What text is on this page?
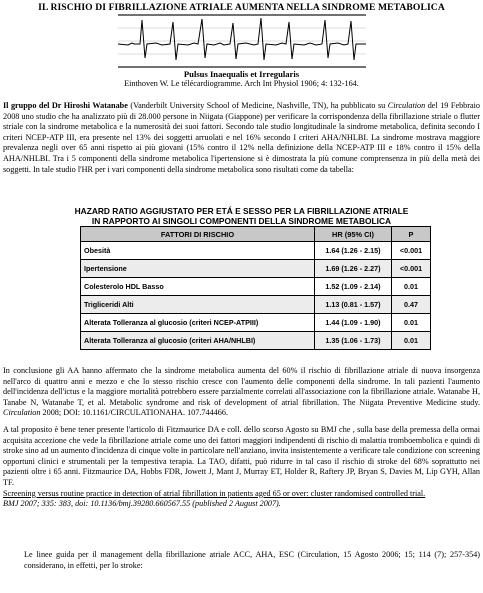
IL RISCHIO DI FIBRILLAZIONE ATRIALE AUMENTA NELLA SINDROME METABOLICA
Pulsus Inaequalis et Irregularis
Einthoven W. Le télécardiogramme. Arch Int Physiol 1906; 4: 132-164.
Il gruppo del Dr Hiroshi Watanabe (Vanderbilt University School of Medicine, Nashville, TN), ha pubblicato su Circulation del 19 Febbraio 2008 uno studio che ha analizzato più di 28.000 persone in Niigata (Giappone) per verificare la corrispondenza della fibrillazione striale o flutter striale con la sindrome metabolica e la numerosità dei suoi fattori. Secondo tale studio longitudinale la sindrome metabolica, definita secondo I criteri NCEP-ATP III, era presente nel 13% dei soggetti arruolati e nel 16% secondo I criteri AHA/NHLBI. La sindrome mostrava maggiore prevalenza negli over 65 anni rispetto ai più giovani (15% contro il 12% nella definizione della NCEP-ATP III e 18% contro il 15% della AHA/NHLBI. Tra i 5 componenti della sindrome metabolica l'ipertensione si è dimostrata la più comune comprensenza in più della metà dei soggetti. In tale studio l'HR per i vari componenti della sindrome metabolica sono risultati come da tabella:
HAZARD RATIO AGGIUSTATO PER ETÁ E SESSO PER LA FIBRILLAZIONE ATRIALE
IN RAPPORTO AI SINGOLI COMPONENTI DELLA SINDROME METABOLICA
FATTORI DI RISCHIO	HR (95% CI)	P
Obesità	1.64 (1.26 - 2.15)	<0.001
Ipertensione	1.69 (1.26 - 2.27)	<0.001
Colesterolo HDL Basso	1.52 (1.09 - 2.14)	0.01
Trigliceridi Alti	1.13 (0.81 - 1.57)	0.47
Alterata Tolleranza al glucosio (criteri NCEP-ATPIII)	1.44 (1.09 - 1.90)	0.01
Alterata Tolleranza al glucosio (criteri AHA/NHLBI)	1.35 (1.06 - 1.73)	0.01
In conclusione gli AA hanno affermato che la sindrome metabolica aumenta del 60% il rischio di fibrillazione atriale di nuova insorgenza nell'arco di quattro anni e mezzo e che lo stesso rischio cresce con l'aumento delle componenti della sindrome. In tali pazienti l'aumento dell'incidenza dell'ictus e la maggiore mortalità potrebbero essere parzialmente correlati all'associazione con la fibrillazione atriale. Watanabe H, Tanabe N, Watanabe T, et al. Metabolic syndrome and risk of development of atrial fibrillation. The Niigata Preventive Medicine study. Circulation 2008; DOI: 10.1161/CIRCULATIONAHA. 107.744466.
A tal proposito è bene tener presente l'articolo di Fitzmaurice DA e coll. dello scorso Agosto su BMJ che , sulla base della premessa della ormai acquisita accezione che vede la fibrillazione atriale come uno dei fattori maggiori indipendenti di rischio di malattia tromboembolica e quindi di stroke sino ad un aumento d'incidenza di cinque volte in particolare nell'anziano, invita insistentemente a verificare tale condizione con screening opportuni clinici e strumentali per la tempestiva terapia. La TAO, difatti, può ridurre in tal caso il rischio di stroke del 68% soprattutto nei pazienti oltre i 65 anni. Fitzmaurice DA, Hobbs FDR, Jowett J, Mant J, Murray ET, Holder R, Raftery JP, Bryan S, Davies M, Lip GYH, Allan TF.
Screening versus routine practice in detection of atrial fibrillation in patients aged 65 or over: cluster randomised controlled trial.
BMJ 2007; 335: 383, doi: 10.1136/bmj.39280.660567.55 (published 2 August 2007).
Le linee guida per il management della fibrillazione atriale ACC, AHA, ESC (Circulation, 15 Agosto 2006; 15; 114 (7); 257-354) considerano, in effetti, per lo stroke:
